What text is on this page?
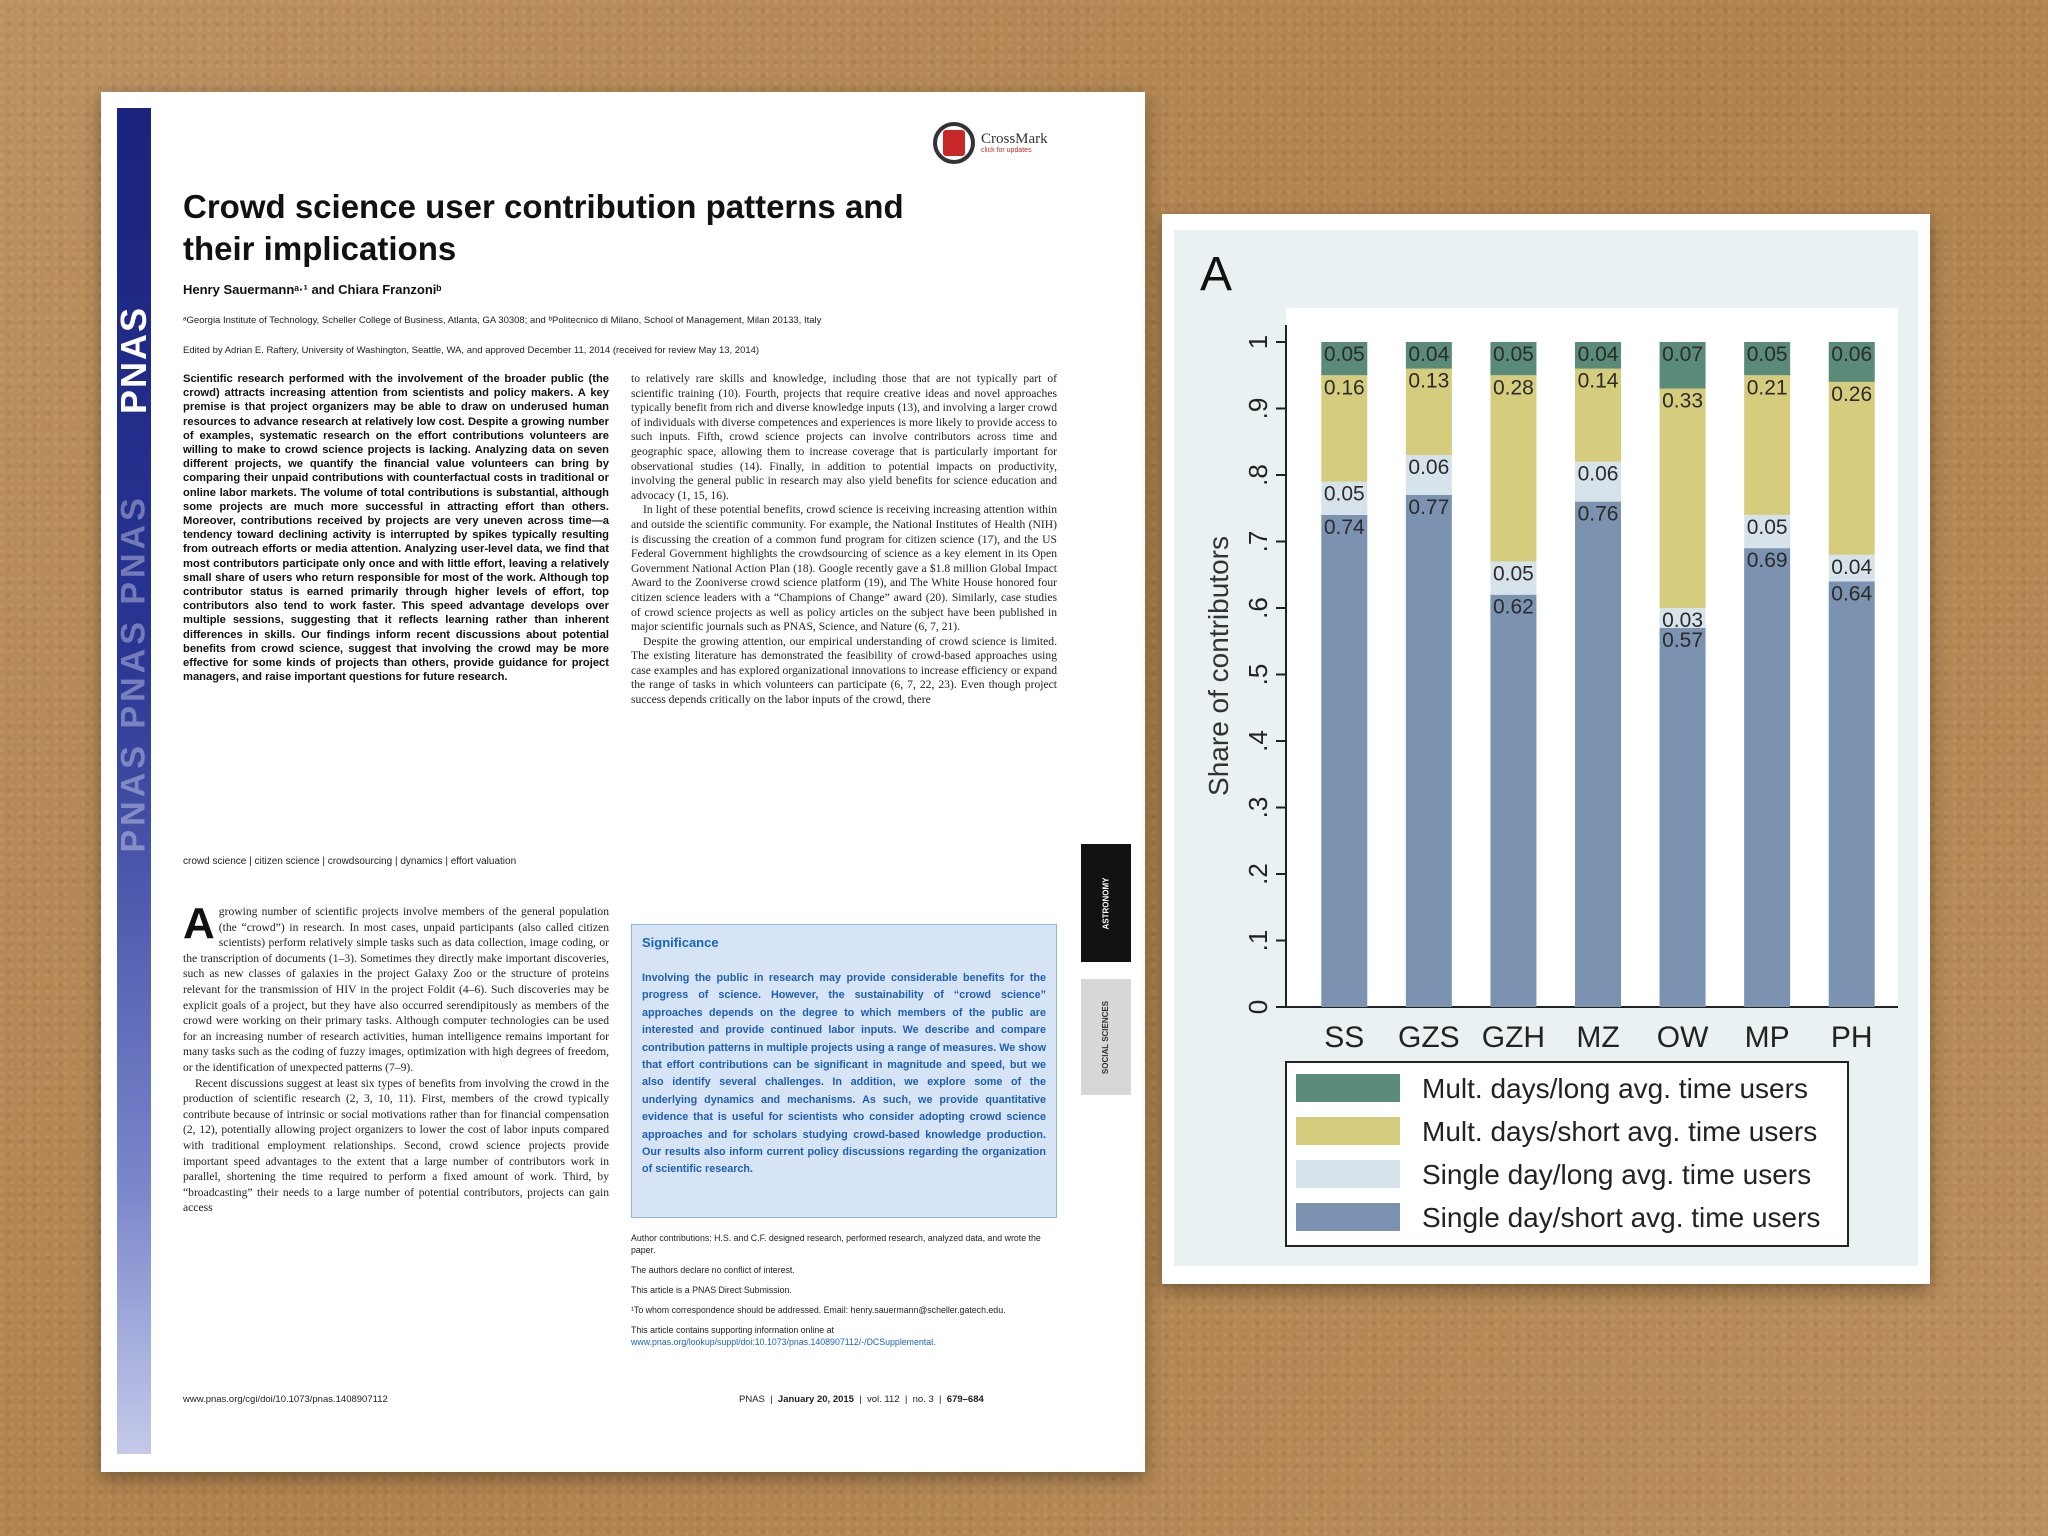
PNAS
PNAS PNAS PNAS
CrossMark
click for updates
Crowd science user contribution patterns and their implications
Henry Sauermannᵃ·¹ and Chiara Franzoniᵇ
ᵃGeorgia Institute of Technology, Scheller College of Business, Atlanta, GA 30308; and ᵇPolitecnico di Milano, School of Management, Milan 20133, Italy
Edited by Adrian E. Raftery, University of Washington, Seattle, WA, and approved December 11, 2014 (received for review May 13, 2014)
Scientific research performed with the involvement of the broader public (the crowd) attracts increasing attention from scientists and policy makers. A key premise is that project organizers may be able to draw on underused human resources to advance research at relatively low cost. Despite a growing number of examples, systematic research on the effort contributions volunteers are willing to make to crowd science projects is lacking. Analyzing data on seven different projects, we quantify the financial value volunteers can bring by comparing their unpaid contributions with counterfactual costs in traditional or online labor markets. The volume of total contributions is substantial, although some projects are much more successful in attracting effort than others. Moreover, contributions received by projects are very uneven across time—a tendency toward declining activity is interrupted by spikes typically resulting from outreach efforts or media attention. Analyzing user-level data, we find that most contributors participate only once and with little effort, leaving a relatively small share of users who return responsible for most of the work. Although top contributor status is earned primarily through higher levels of effort, top contributors also tend to work faster. This speed advantage develops over multiple sessions, suggesting that it reflects learning rather than inherent differences in skills. Our findings inform recent discussions about potential benefits from crowd science, suggest that involving the crowd may be more effective for some kinds of projects than others, provide guidance for project managers, and raise important questions for future research.
crowd science | citizen science | crowdsourcing | dynamics | effort valuation

Agrowing number of scientific projects involve members of the general population (the “crowd”) in research. In most cases, unpaid participants (also called citizen scientists) perform relatively simple tasks such as data collection, image coding, or the transcription of documents (1–3). Sometimes they directly make important discoveries, such as new classes of galaxies in the project Galaxy Zoo or the structure of proteins relevant for the transmission of HIV in the project Foldit (4–6). Such discoveries may be explicit goals of a project, but they have also occurred serendipitously as members of the crowd were working on their primary tasks. Although computer technologies can be used for an increasing number of research activities, human intelligence remains important for many tasks such as the coding of fuzzy images, optimization with high degrees of freedom, or the identification of unexpected patterns (7–9).

Recent discussions suggest at least six types of benefits from involving the crowd in the production of scientific research (2, 3, 10, 11). First, members of the crowd typically contribute because of intrinsic or social motivations rather than for financial compensation (2, 12), potentially allowing project organizers to lower the cost of labor inputs compared with traditional employment relationships. Second, crowd science projects provide important speed advantages to the extent that a large number of contributors work in parallel, shortening the time required to perform a fixed amount of work. Third, by “broadcasting” their needs to a large number of potential contributors, projects can gain access

to relatively rare skills and knowledge, including those that are not typically part of scientific training (10). Fourth, projects that require creative ideas and novel approaches typically benefit from rich and diverse knowledge inputs (13), and involving a larger crowd of individuals with diverse competences and experiences is more likely to provide access to such inputs. Fifth, crowd science projects can involve contributors across time and geographic space, allowing them to increase coverage that is particularly important for observational studies (14). Finally, in addition to potential impacts on productivity, involving the general public in research may also yield benefits for science education and advocacy (1, 15, 16).

In light of these potential benefits, crowd science is receiving increasing attention within and outside the scientific community. For example, the National Institutes of Health (NIH) is discussing the creation of a common fund program for citizen science (17), and the US Federal Government highlights the crowdsourcing of science as a key element in its Open Government National Action Plan (18). Google recently gave a $1.8 million Global Impact Award to the Zooniverse crowd science platform (19), and The White House honored four citizen science leaders with a “Champions of Change” award (20). Similarly, case studies of crowd science projects as well as policy articles on the subject have been published in major scientific journals such as PNAS, Science, and Nature (6, 7, 21).

Despite the growing attention, our empirical understanding of crowd science is limited. The existing literature has demonstrated the feasibility of crowd-based approaches using case examples and has explored organizational innovations to increase efficiency or expand the range of tasks in which volunteers can participate (6, 7, 22, 23). Even though project success depends critically on the labor inputs of the crowd, there

Significance
Involving the public in research may provide considerable benefits for the progress of science. However, the sustainability of “crowd science” approaches depends on the degree to which members of the public are interested and provide continued labor inputs. We describe and compare contribution patterns in multiple projects using a range of measures. We show that effort contributions can be significant in magnitude and speed, but we also identify several challenges. In addition, we explore some of the underlying dynamics and mechanisms. As such, we provide quantitative evidence that is useful for scientists who consider adopting crowd science approaches and for scholars studying crowd-based knowledge production. Our results also inform current policy discussions regarding the organization of scientific research.
Author contributions: H.S. and C.F. designed research, performed research, analyzed data, and wrote the paper.
The authors declare no conflict of interest.
This article is a PNAS Direct Submission.
¹To whom correspondence should be addressed. Email: henry.sauermann@scheller.gatech.edu.
This article contains supporting information online at www.pnas.org/lookup/suppl/doi:10.1073/pnas.1408907112/-/DCSupplemental.
www.pnas.org/cgi/doi/10.1073/pnas.1408907112	PNAS  |  January 20, 2015  |  vol. 112  |  no. 3  |  679–684
ASTRONOMY
SOCIAL SCIENCES
A
0
.1
.2
.3
.4
.5
.6
.7
.8
.9
1
Share of contributors
0.74
0.05
0.16
0.05
SS
0.77
0.06
0.13
0.04
GZS
0.62
0.05
0.28
0.05
GZH
0.76
0.06
0.14
0.04
MZ
0.57
0.03
0.33
0.07
OW
0.69
0.05
0.21
0.05
MP
0.64
0.04
0.26
0.06
PH
Mult. days/long avg. time users
Mult. days/short avg. time users
Single day/long avg. time users
Single day/short avg. time users
